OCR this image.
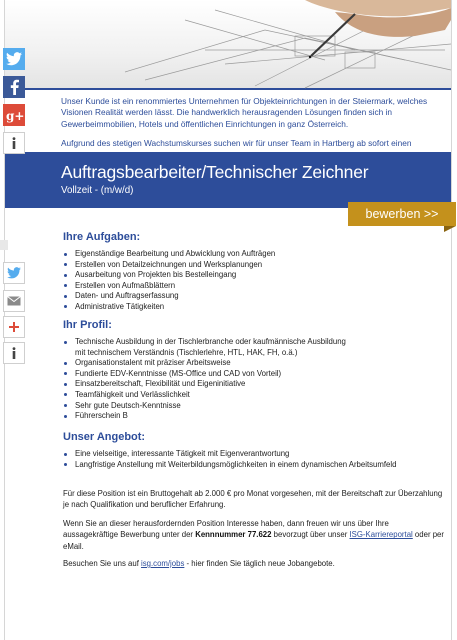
Unser Kunde ist ein renommiertes Unternehmen für Objekteinrichtungen in der Steiermark, welches Visionen Realität werden lässt. Die handwerklich herausragenden Lösungen finden sich in Gewerbeimmobilien, Hotels und öffentlichen Einrichtungen in ganz Österreich.

Aufgrund des stetigen Wachstumskurses suchen wir für unser Team in Hartberg ab sofort einen

Auftragsbearbeiter/Technischer Zeichner
Vollzeit - (m/w/d)
Ihre Aufgaben:
Eigenständige Bearbeitung und Abwicklung von Aufträgen
Erstellen von Detailzeichnungen und Werksplanungen
Ausarbeitung von Projekten bis Bestelleingang
Erstellen von Aufmaßblättern
Daten- und Auftragserfassung
Administrative Tätigkeiten
Ihr Profil:
Technische Ausbildung in der Tischlerbranche oder kaufmännische Ausbildung
mit technischem Verständnis (Tischlerlehre, HTL, HAK, FH, o.ä.)
Organisationstalent mit präziser Arbeitsweise
Fundierte EDV-Kenntnisse (MS-Office und CAD von Vorteil)
Einsatzbereitschaft, Flexibilität und Eigeninitiative
Teamfähigkeit und Verlässlichkeit
Sehr gute Deutsch-Kenntnisse
Führerschein B
Unser Angebot:
Eine vielseitige, interessante Tätigkeit mit Eigenverantwortung
Langfristige Anstellung mit Weiterbildungsmöglichkeiten in einem dynamischen Arbeitsumfeld

Für diese Position ist ein Bruttogehalt ab 2.000 € pro Monat vorgesehen, mit der Bereitschaft zur Überzahlung je nach Qualifikation und beruflicher Erfahrung.

Wenn Sie an dieser herausfordernden Position Interesse haben, dann freuen wir uns über Ihre aussagekräftige Bewerbung unter der Kennnummer 77.622 bevorzugt über unser ISG-Karriereportal oder per eMail.

Besuchen Sie uns auf isg.com/jobs - hier finden Sie täglich neue Jobangebote.

bewerben >>
g+
